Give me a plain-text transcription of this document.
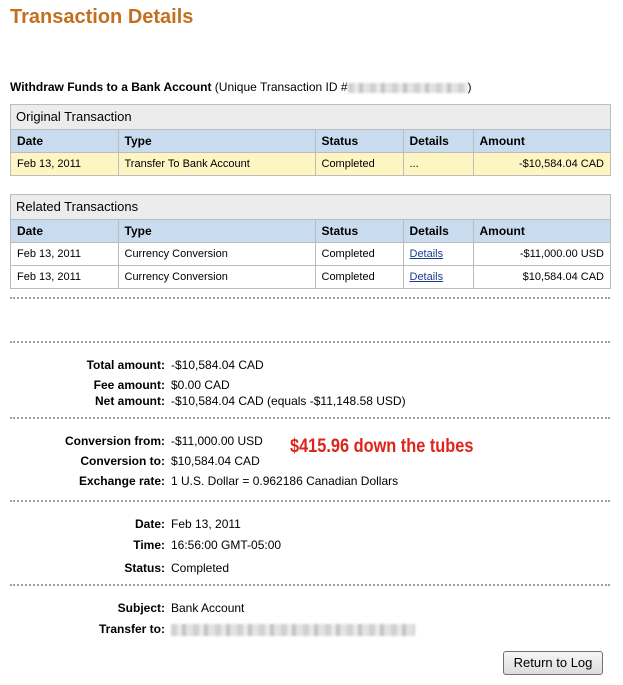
Transaction Details
Withdraw Funds to a Bank Account (Unique Transaction ID #	)
Original Transaction
Date	Type	Status	Details	Amount
Feb 13, 2011	Transfer To Bank Account	Completed	...	-$10,584.04 CAD
Related Transactions
Date	Type	Status	Details	Amount
Feb 13, 2011	Currency Conversion	Completed	Details	-$11,000.00 USD
Feb 13, 2011	Currency Conversion	Completed	Details	$10,584.04 CAD
Total amount: -$10,584.04 CAD
Fee amount: $0.00 CAD
Net amount: -$10,584.04 CAD (equals -$11,148.58 USD)
Conversion from: -$11,000.00 USD
Conversion to: $10,584.04 CAD
Exchange rate: 1 U.S. Dollar = 0.962186 Canadian Dollars
$415.96 down the tubes
Date: Feb 13, 2011
Time: 16:56:00 GMT-05:00
Status: Completed
Subject: Bank Account
Transfer to:
Return to Log
